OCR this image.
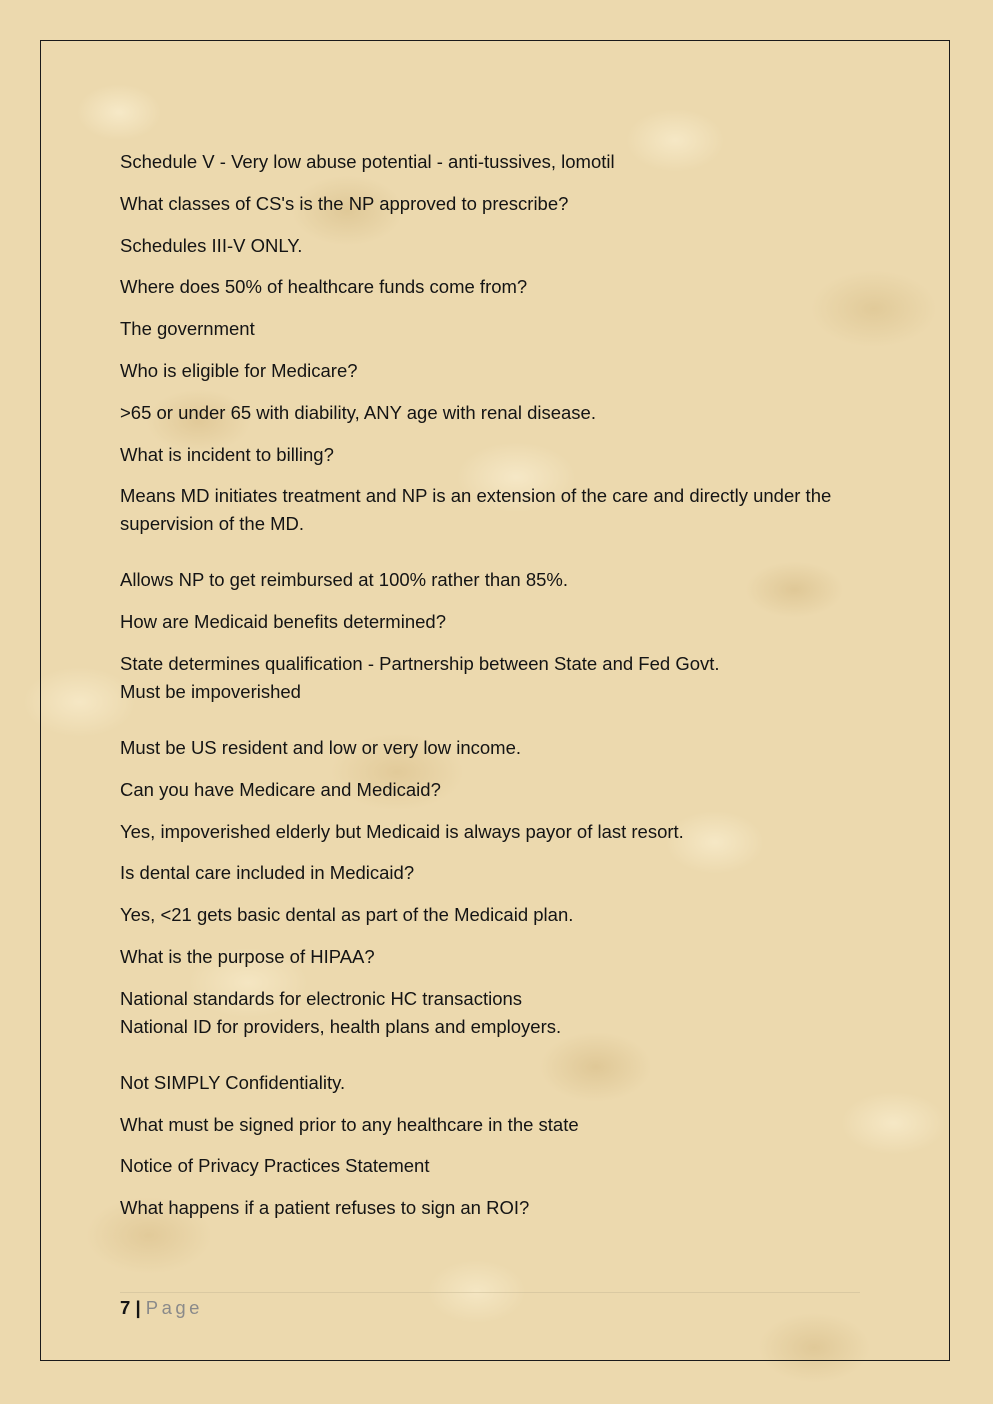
Schedule V - Very low abuse potential - anti-tussives, lomotil

What classes of CS's is the NP approved to prescribe?

Schedules III-V ONLY.

Where does 50% of healthcare funds come from?

The government

Who is eligible for Medicare?

>65 or under 65 with diability, ANY age with renal disease.

What is incident to billing?

Means MD initiates treatment and NP is an extension of the care and directly under the
supervision of the MD.

Allows NP to get reimbursed at 100% rather than 85%.

How are Medicaid benefits determined?

State determines qualification - Partnership between State and Fed Govt.
Must be impoverished

Must be US resident and low or very low income.

Can you have Medicare and Medicaid?

Yes, impoverished elderly but Medicaid is always payor of last resort.

Is dental care included in Medicaid?

Yes, <21 gets basic dental as part of the Medicaid plan.

What is the purpose of HIPAA?

National standards for electronic HC transactions
National ID for providers, health plans and employers.

Not SIMPLY Confidentiality.

What must be signed prior to any healthcare in the state

Notice of Privacy Practices Statement

What happens if a patient refuses to sign an ROI?

7 | Page
